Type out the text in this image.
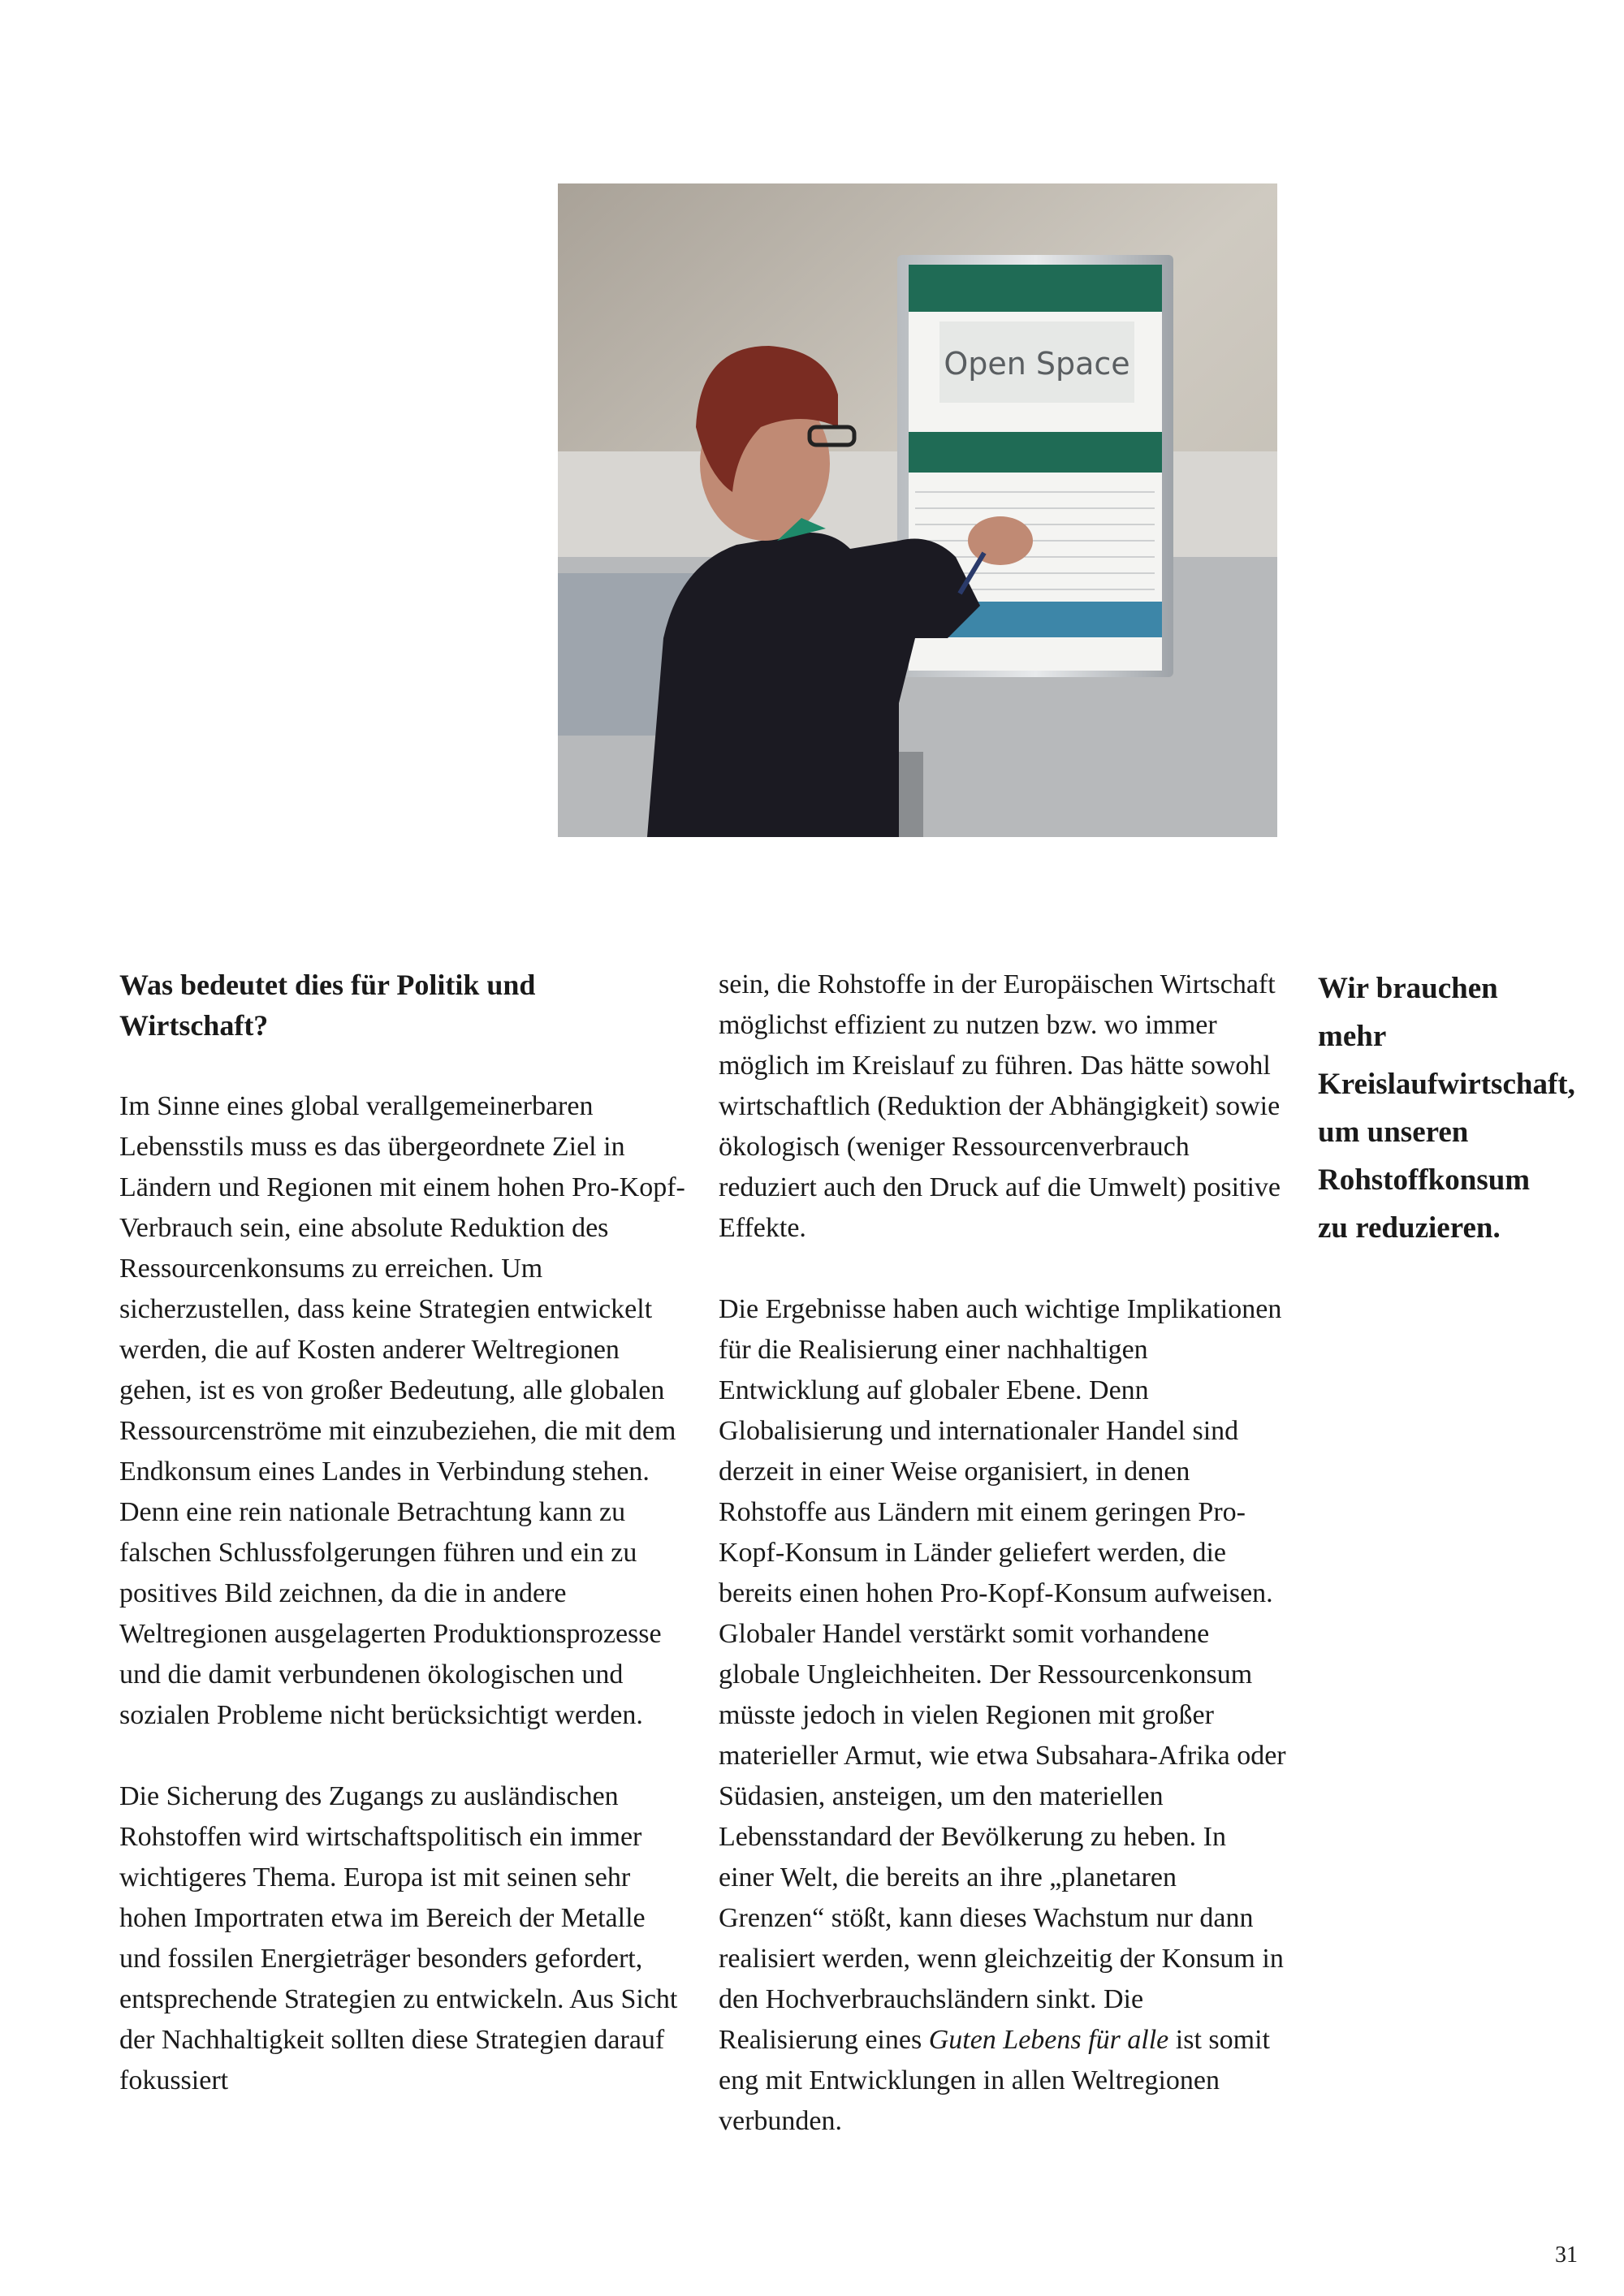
Open Space
Was bedeutet dies für Politik und Wirtschaft?

Im Sinne eines global verallgemeinerbaren Lebensstils muss es das übergeordnete Ziel in Ländern und Regionen mit einem hohen Pro-Kopf-Verbrauch sein, eine absolute Reduktion des Ressourcenkonsums zu erreichen. Um sicherzustellen, dass keine Strategien entwickelt werden, die auf Kosten anderer Weltregionen gehen, ist es von großer Bedeutung, alle globalen Ressourcenströme mit einzubeziehen, die mit dem Endkonsum eines Landes in Verbindung stehen. Denn eine rein nationale Betrachtung kann zu falschen Schlussfolgerungen führen und ein zu positives Bild zeichnen, da die in andere Weltregionen ausgelagerten Produktionsprozesse und die damit verbundenen ökologischen und sozialen Probleme nicht berücksichtigt werden.

Die Sicherung des Zugangs zu ausländischen Rohstoffen wird wirtschaftspolitisch ein immer wichtigeres Thema. Europa ist mit seinen sehr hohen Importraten etwa im Bereich der Metalle und fossilen Energieträger besonders gefordert, entsprechende Strategien zu entwickeln. Aus Sicht der Nachhaltigkeit sollten diese Strategien darauf fokussiert

sein, die Rohstoffe in der Europäischen Wirtschaft möglichst effizient zu nutzen bzw. wo immer möglich im Kreislauf zu führen. Das hätte sowohl wirtschaftlich (Reduktion der Abhängigkeit) sowie ökologisch (weniger Ressourcenverbrauch reduziert auch den Druck auf die Umwelt) positive Effekte.

Die Ergebnisse haben auch wichtige Implikationen für die Realisierung einer nachhaltigen Entwicklung auf globaler Ebene. Denn Globalisierung und internationaler Handel sind derzeit in einer Weise organisiert, in denen Rohstoffe aus Ländern mit einem geringen Pro-Kopf-Konsum in Länder geliefert werden, die bereits einen hohen Pro-Kopf-Konsum aufweisen. Globaler Handel verstärkt somit vorhandene globale Ungleichheiten. Der Ressourcenkonsum müsste jedoch in vielen Regionen mit großer materieller Armut, wie etwa Subsahara-Afrika oder Südasien, ansteigen, um den materiellen Lebensstandard der Bevölkerung zu heben. In einer Welt, die bereits an ihre „planetaren Grenzen“ stößt, kann dieses Wachstum nur dann realisiert werden, wenn gleichzeitig der Konsum in den Hochverbrauchsländern sinkt. Die Realisierung eines Guten Lebens für alle ist somit eng mit Entwicklungen in allen Weltregionen verbunden.

Wir brauchen mehr Kreislaufwirtschaft, um unseren Rohstoffkonsum zu reduzieren.
31
